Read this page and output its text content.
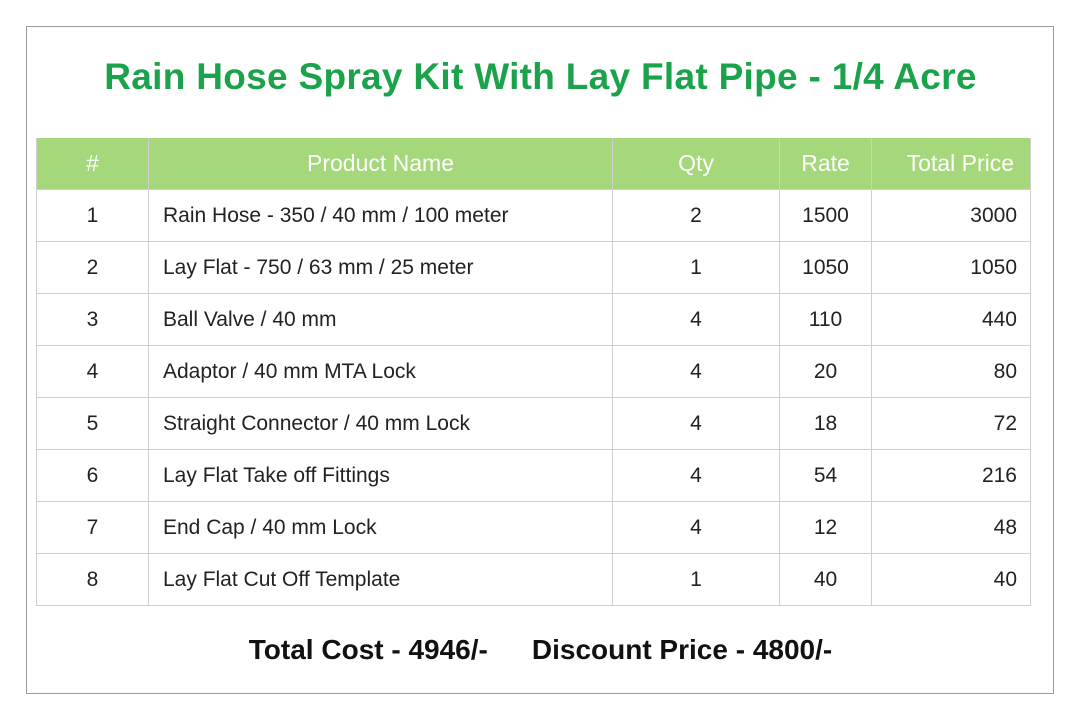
Rain Hose Spray Kit With Lay Flat Pipe - 1/4 Acre
#	Product Name	Qty	Rate	Total Price
1	Rain Hose - 350 / 40 mm / 100 meter	2	1500	3000
2	Lay Flat - 750 / 63 mm / 25 meter	1	1050	1050
3	Ball Valve / 40 mm	4	110	440
4	Adaptor / 40 mm MTA Lock	4	20	80
5	Straight Connector / 40 mm Lock	4	18	72
6	Lay Flat Take off Fittings	4	54	216
7	End Cap / 40 mm Lock	4	12	48
8	Lay Flat Cut Off Template	1	40	40
Total Cost - 4946/- Discount Price - 4800/-
